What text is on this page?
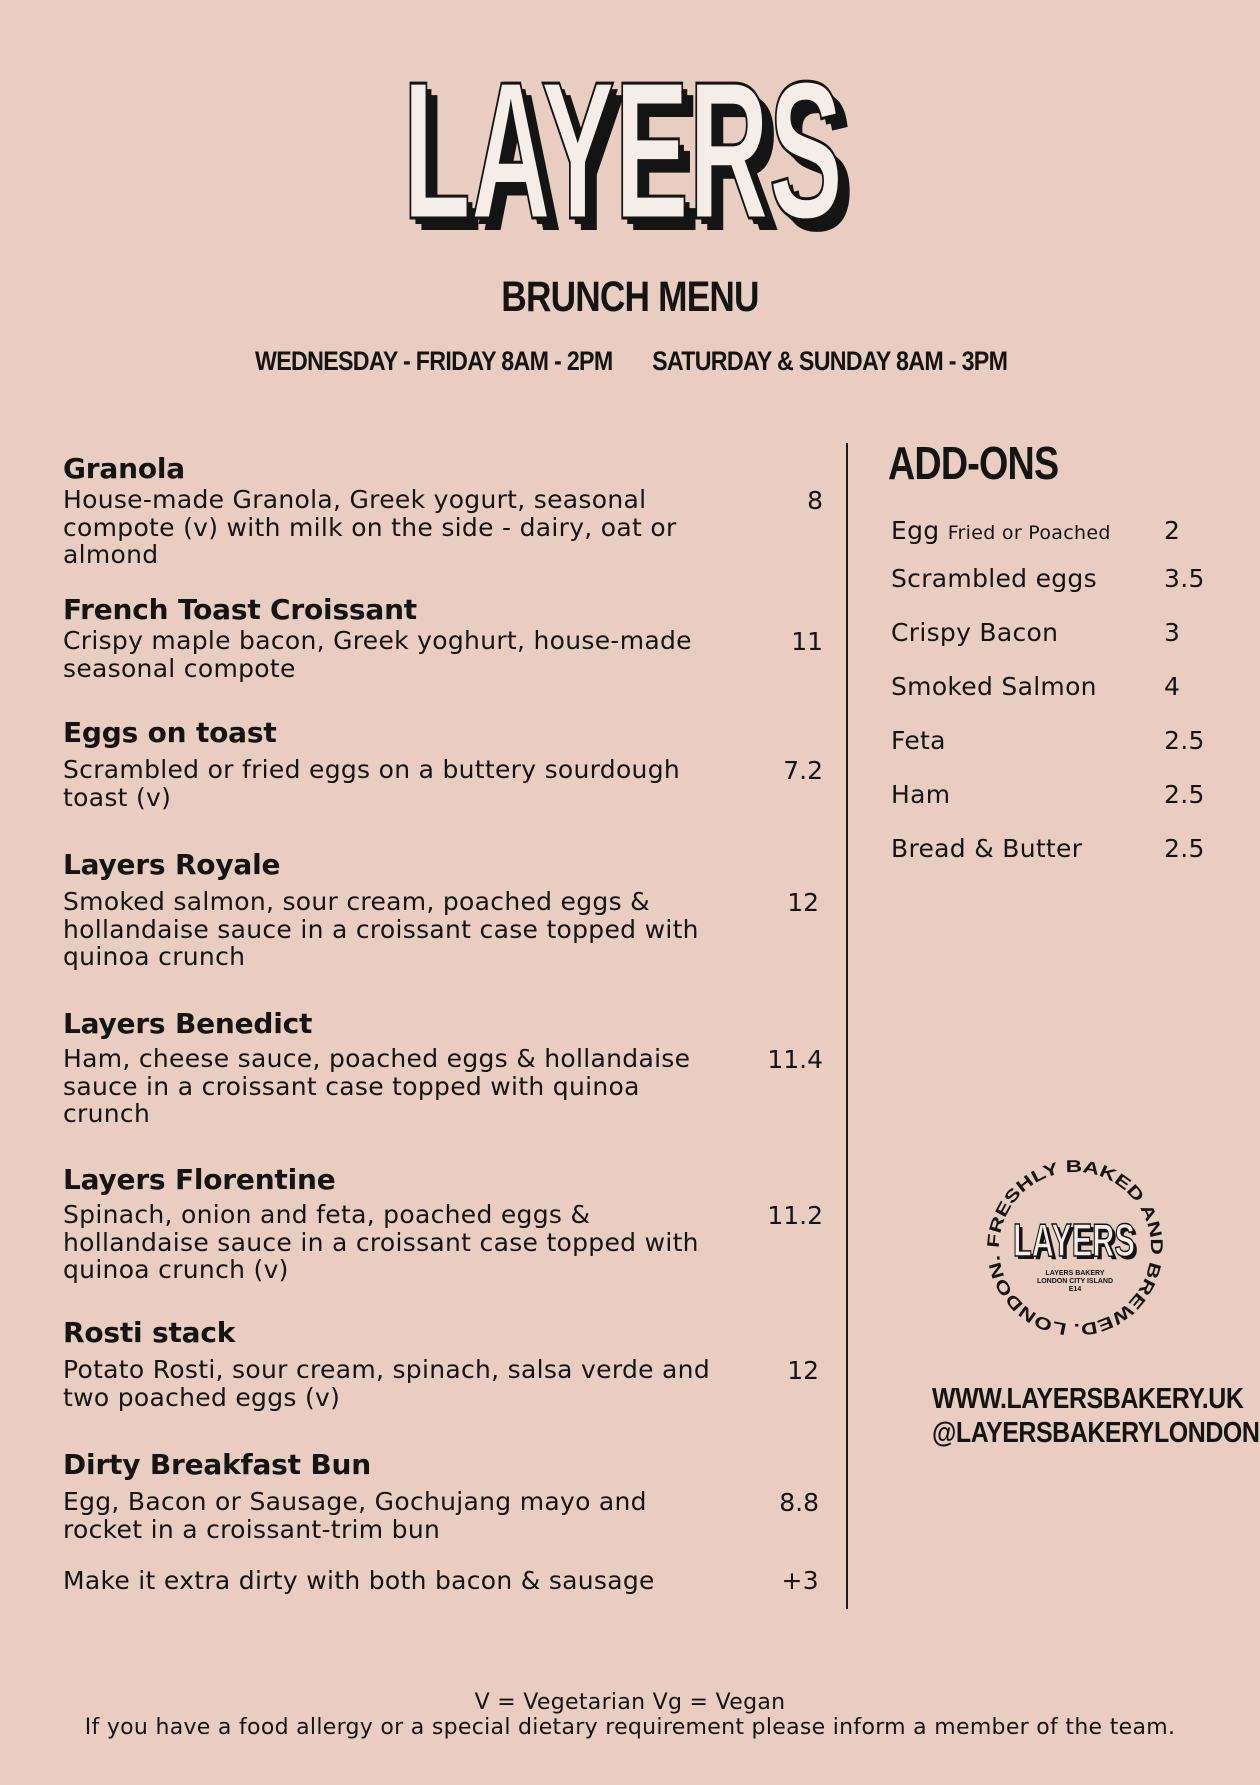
LAYERS
LAYERS
LAYERS
BRUNCH MENU
WEDNESDAY - FRIDAY 8AM - 2PM SATURDAY & SUNDAY 8AM - 3PM
Granola
House-made Granola, Greek yogurt, seasonal compote (v) with milk on the side - dairy, oat or almond
8
French Toast Croissant
Crispy maple bacon, Greek yoghurt, house-made seasonal compote
11
Eggs on toast
Scrambled or fried eggs on a buttery sourdough toast (v)
7.2
Layers Royale
Smoked salmon, sour cream, poached eggs & hollandaise sauce in a croissant case topped with quinoa crunch
12
Layers Benedict
Ham, cheese sauce, poached eggs & hollandaise sauce in a croissant case topped with quinoa crunch
11.4
Layers Florentine
Spinach, onion and feta, poached eggs & hollandaise sauce in a croissant case topped with quinoa crunch (v)
11.2
Rosti stack
Potato Rosti, sour cream, spinach, salsa verde and two poached eggs (v)
12
Dirty Breakfast Bun
Egg, Bacon or Sausage, Gochujang mayo and rocket in a croissant-trim bun
8.8
Make it extra dirty with both bacon & sausage	+3
ADD-ONS
Egg Fried or Poached 2
Scrambled eggs	3.5
Crispy Bacon	3
Smoked Salmon	4
Feta	2.5
Ham	2.5
Bread & Butter	2.5
FRESHLY BAKED AND BREWED. LONDON. LAYERS
LAYERS
LAYERS BAKERY
LONDON CITY ISLAND
E14
WWW.LAYERSBAKERY.UK
@LAYERSBAKERYLONDON
V = Vegetarian Vg = Vegan
If you have a food allergy or a special dietary requirement please inform a member of the team.
